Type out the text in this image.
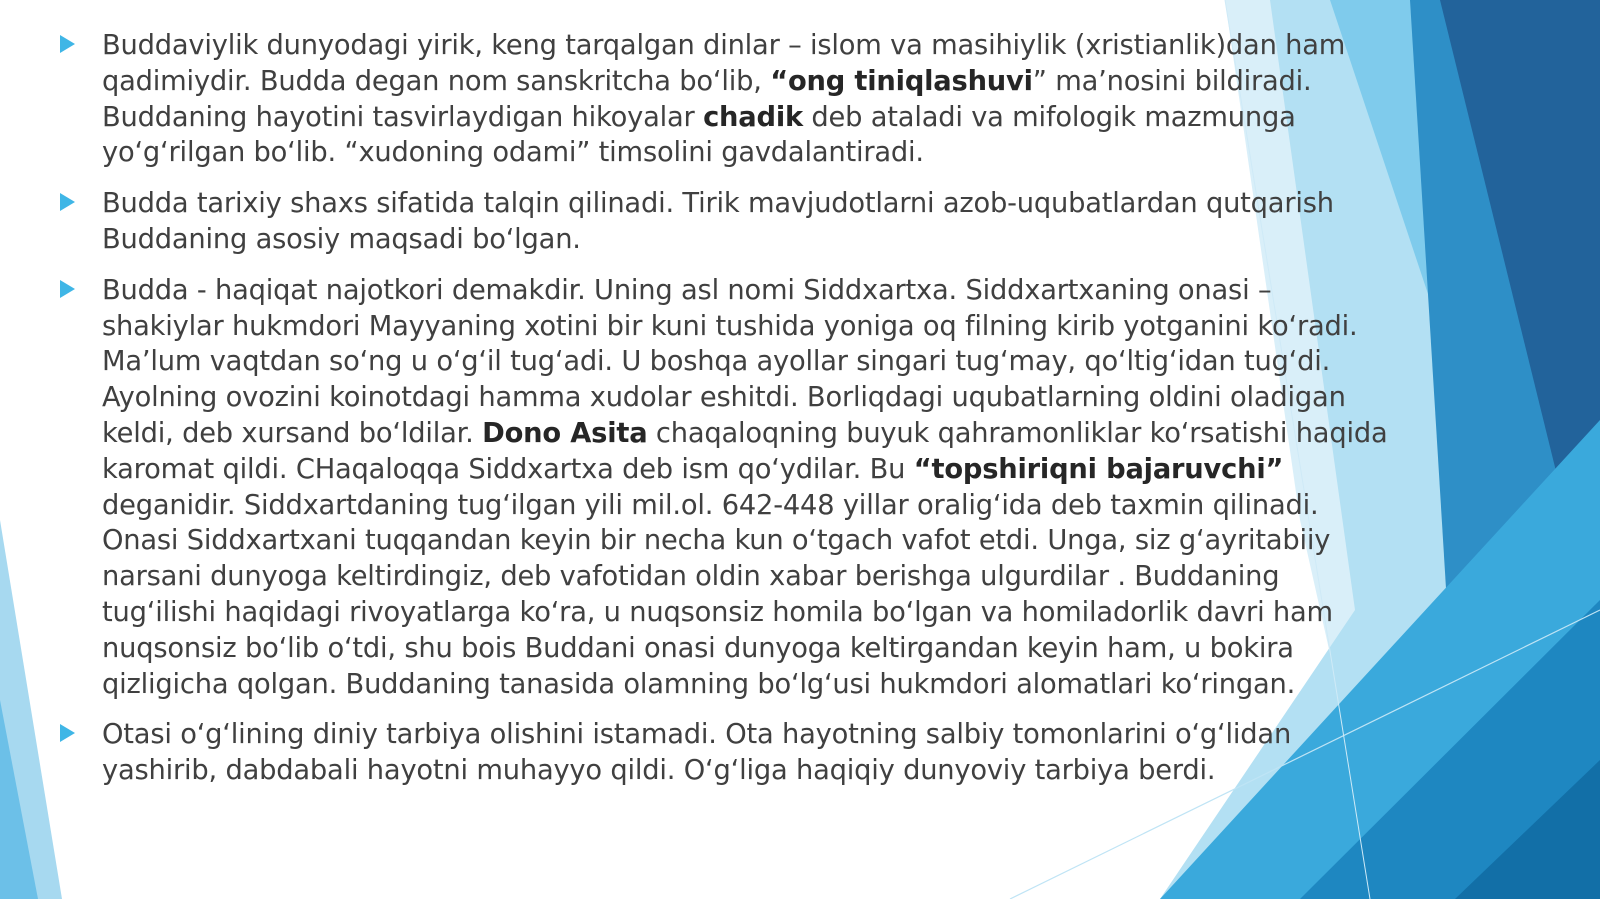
Buddaviylik dunyodagi yirik, keng tarqalgan dinlar – islom va masihiylik (xristianlik)dan ham qadimiydir. Budda degan nom sanskritcha bo‘lib, “ong tiniqlashuvi” ma’nosini bildiradi. Buddaning hayotini tasvirlaydigan hikoyalar chadik deb ataladi va mifologik mazmunga yo‘g‘rilgan bo‘lib. “xudoning odami” timsolini gavdalantiradi.
Budda tarixiy shaxs sifatida talqin qilinadi. Tirik mavjudotlarni azob-uqubatlardan qutqarish Buddaning asosiy maqsadi bo‘lgan.
Budda - haqiqat najotkori demakdir. Uning asl nomi Siddxartxa. Siddxartxaning onasi – shakiylar hukmdori Mayyaning xotini bir kuni tushida yoniga oq filning kirib yotganini ko‘radi. Ma’lum vaqtdan so‘ng u o‘g‘il tug‘adi. U boshqa ayollar singari tug‘may, qo‘ltig‘idan tug‘di. Ayolning ovozini koinotdagi hamma xudolar eshitdi. Borliqdagi uqubatlarning oldini oladigan keldi, deb xursand bo‘ldilar. Dono Asita chaqaloqning buyuk qahramonliklar ko‘rsatishi haqida karomat qildi. CHaqaloqqa Siddxartxa deb ism qo‘ydilar. Bu “topshiriqni bajaruvchi” deganidir. Siddxartdaning tug‘ilgan yili mil.ol. 642-448 yillar oralig‘ida deb taxmin qilinadi. Onasi Siddxartxani tuqqandan keyin bir necha kun o‘tgach vafot etdi. Unga, siz g‘ayritabiiy narsani dunyoga keltirdingiz, deb vafotidan oldin xabar berishga ulgurdilar . Buddaning tug‘ilishi haqidagi rivoyatlarga ko‘ra, u nuqsonsiz homila bo‘lgan va homiladorlik davri ham nuqsonsiz bo‘lib o‘tdi, shu bois Buddani onasi dunyoga keltirgandan keyin ham, u bokira qizligicha qolgan. Buddaning tanasida olamning bo‘lg‘usi hukmdori alomatlari ko‘ringan.
Otasi o‘g‘lining diniy tarbiya olishini istamadi. Ota hayotning salbiy tomonlarini o‘g‘lidan yashirib, dabdabali hayotni muhayyo qildi. O‘g‘liga haqiqiy dunyoviy tarbiya berdi.
